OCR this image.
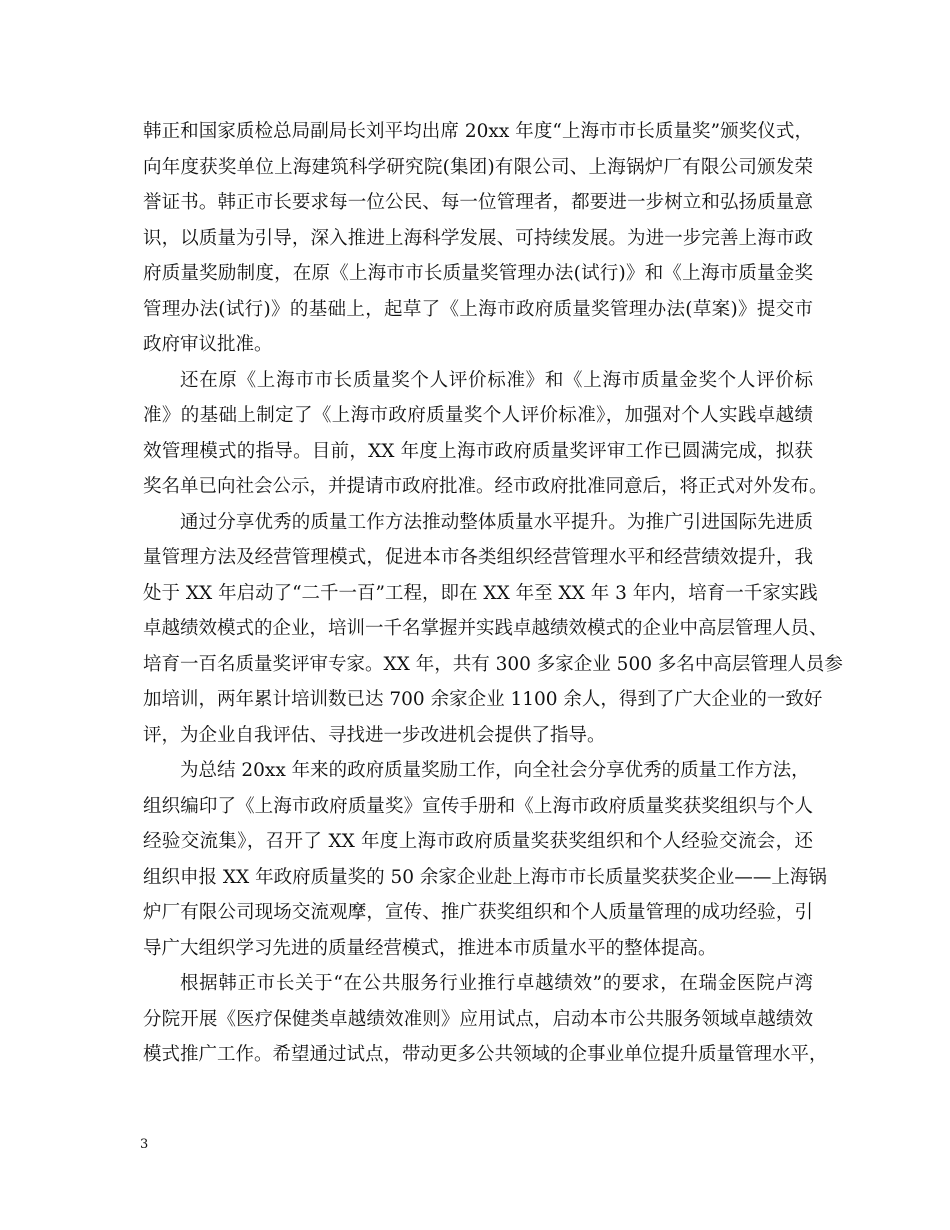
韩正和国家质检总局副局长刘平均出席 20xx 年度“上海市市长质量奖”颁奖仪式，
向年度获奖单位上海建筑科学研究院(集团)有限公司、上海锅炉厂有限公司颁发荣
誉证书。韩正市长要求每一位公民、每一位管理者，都要进一步树立和弘扬质量意
识，以质量为引导，深入推进上海科学发展、可持续发展。为进一步完善上海市政
府质量奖励制度，在原《上海市市长质量奖管理办法(试行)》和《上海市质量金奖
管理办法(试行)》的基础上，起草了《上海市政府质量奖管理办法(草案)》提交市
政府审议批准。
还在原《上海市市长质量奖个人评价标准》和《上海市质量金奖个人评价标
准》的基础上制定了《上海市政府质量奖个人评价标准》，加强对个人实践卓越绩
效管理模式的指导。目前，XX 年度上海市政府质量奖评审工作已圆满完成，拟获
奖名单已向社会公示，并提请市政府批准。经市政府批准同意后，将正式对外发布。
通过分享优秀的质量工作方法推动整体质量水平提升。为推广引进国际先进质
量管理方法及经营管理模式，促进本市各类组织经营管理水平和经营绩效提升，我
处于 XX 年启动了“二千一百”工程，即在 XX 年至 XX 年 3 年内，培育一千家实践
卓越绩效模式的企业，培训一千名掌握并实践卓越绩效模式的企业中高层管理人员、
培育一百名质量奖评审专家。XX 年，共有 300 多家企业 500 多名中高层管理人员参
加培训，两年累计培训数已达 700 余家企业 1100 余人，得到了广大企业的一致好
评，为企业自我评估、寻找进一步改进机会提供了指导。
为总结 20xx 年来的政府质量奖励工作，向全社会分享优秀的质量工作方法，
组织编印了《上海市政府质量奖》宣传手册和《上海市政府质量奖获奖组织与个人
经验交流集》，召开了 XX 年度上海市政府质量奖获奖组织和个人经验交流会，还
组织申报 XX 年政府质量奖的 50 余家企业赴上海市市长质量奖获奖企业——上海锅
炉厂有限公司现场交流观摩，宣传、推广获奖组织和个人质量管理的成功经验，引
导广大组织学习先进的质量经营模式，推进本市质量水平的整体提高。
根据韩正市长关于“在公共服务行业推行卓越绩效”的要求，在瑞金医院卢湾
分院开展《医疗保健类卓越绩效准则》应用试点，启动本市公共服务领域卓越绩效
模式推广工作。希望通过试点，带动更多公共领域的企事业单位提升质量管理水平，
3
